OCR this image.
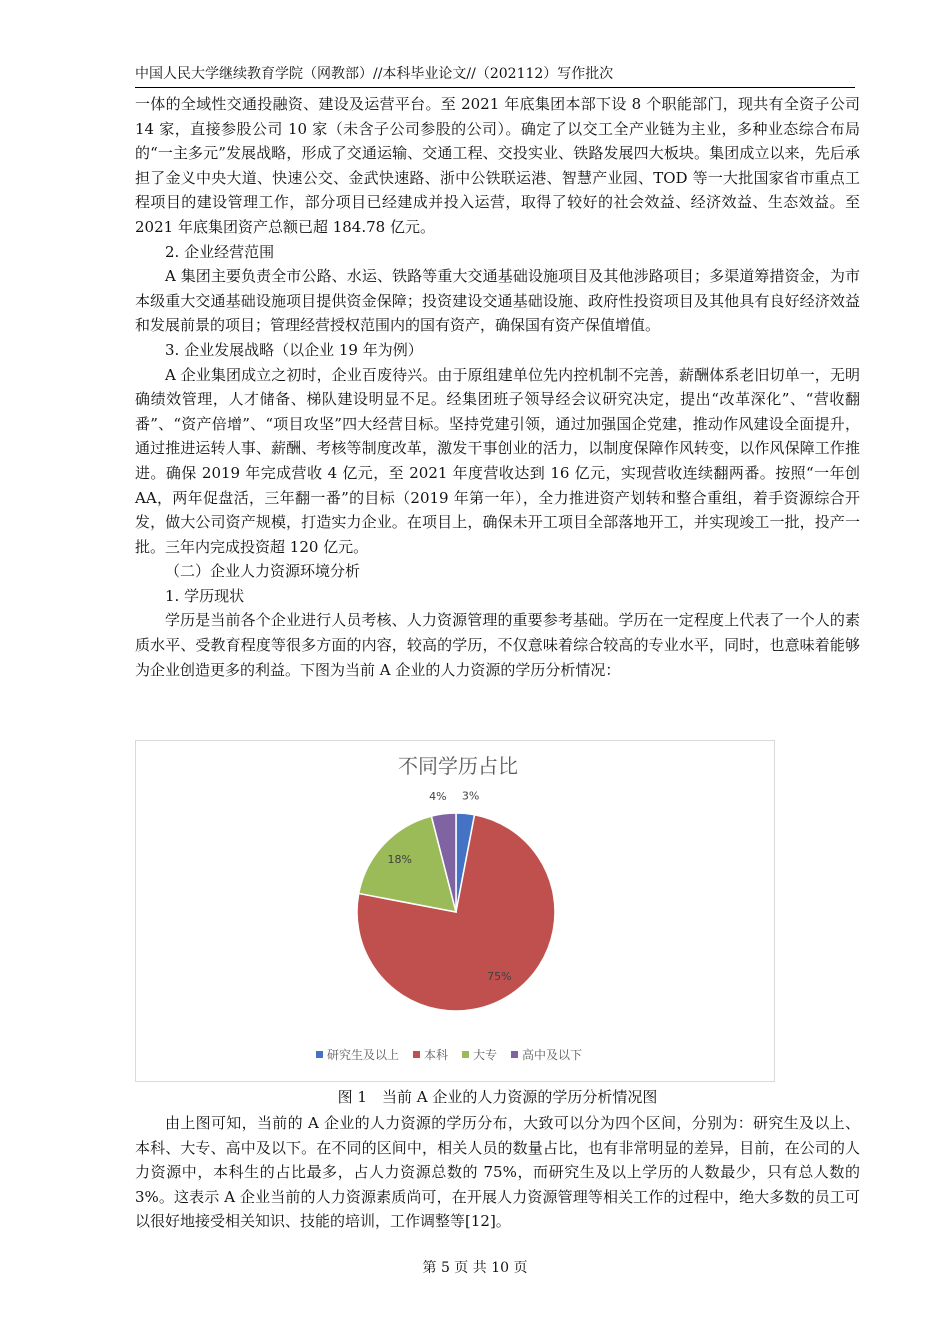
中国人民大学继续教育学院（网教部）//本科毕业论文//（202112）写作批次

一体的全域性交通投融资、建设及运营平台。至 2021 年底集团本部下设 8 个职能部门，现共有全资子公司 14 家，直接参股公司 10 家（未含子公司参股的公司）。确定了以交工全产业链为主业，多种业态综合布局的“一主多元”发展战略，形成了交通运输、交通工程、交投实业、铁路发展四大板块。集团成立以来，先后承担了金义中央大道、快速公交、金武快速路、浙中公铁联运港、智慧产业园、TOD 等一大批国家省市重点工程项目的建设管理工作，部分项目已经建成并投入运营，取得了较好的社会效益、经济效益、生态效益。至 2021 年底集团资产总额已超 184.78 亿元。

2. 企业经营范围

A 集团主要负责全市公路、水运、铁路等重大交通基础设施项目及其他涉路项目；多渠道筹措资金，为市本级重大交通基础设施项目提供资金保障；投资建设交通基础设施、政府性投资项目及其他具有良好经济效益和发展前景的项目；管理经营授权范围内的国有资产，确保国有资产保值增值。

3. 企业发展战略（以企业 19 年为例）

A 企业集团成立之初时，企业百废待兴。由于原组建单位先内控机制不完善，薪酬体系老旧切单一，无明确绩效管理，人才储备、梯队建设明显不足。经集团班子领导经会议研究决定，提出“改革深化”、“营收翻番”、“资产倍增”、“项目攻坚”四大经营目标。坚持党建引领，通过加强国企党建，推动作风建设全面提升，通过推进运转人事、薪酬、考核等制度改革，激发干事创业的活力，以制度保障作风转变，以作风保障工作推进。确保 2019 年完成营收 4 亿元，至 2021 年度营收达到 16 亿元，实现营收连续翻两番。按照“一年创 AA，两年促盘活，三年翻一番”的目标（2019 年第一年），全力推进资产划转和整合重组，着手资源综合开发，做大公司资产规模，打造实力企业。在项目上，确保未开工项目全部落地开工，并实现竣工一批，投产一批。三年内完成投资超 120 亿元。

（二）企业人力资源环境分析

1. 学历现状

学历是当前各个企业进行人员考核、人力资源管理的重要参考基础。学历在一定程度上代表了一个人的素质水平、受教育程度等很多方面的内容，较高的学历，不仅意味着综合较高的专业水平，同时，也意味着能够为企业创造更多的利益。下图为当前 A 企业的人力资源的学历分析情况：

不同学历占比
3%
75%
18%
4%
研究生及以上 本科 大专 高中及以下
图 1　当前 A 企业的人力资源的学历分析情况图

由上图可知，当前的 A 企业的人力资源的学历分布，大致可以分为四个区间，分别为：研究生及以上、本科、大专、高中及以下。在不同的区间中，相关人员的数量占比，也有非常明显的差异，目前，在公司的人力资源中，本科生的占比最多，占人力资源总数的 75%，而研究生及以上学历的人数最少，只有总人数的 3%。这表示 A 企业当前的人力资源素质尚可，在开展人力资源管理等相关工作的过程中，绝大多数的员工可以很好地接受相关知识、技能的培训，工作调整等[12]。

第 5 页 共 10 页
